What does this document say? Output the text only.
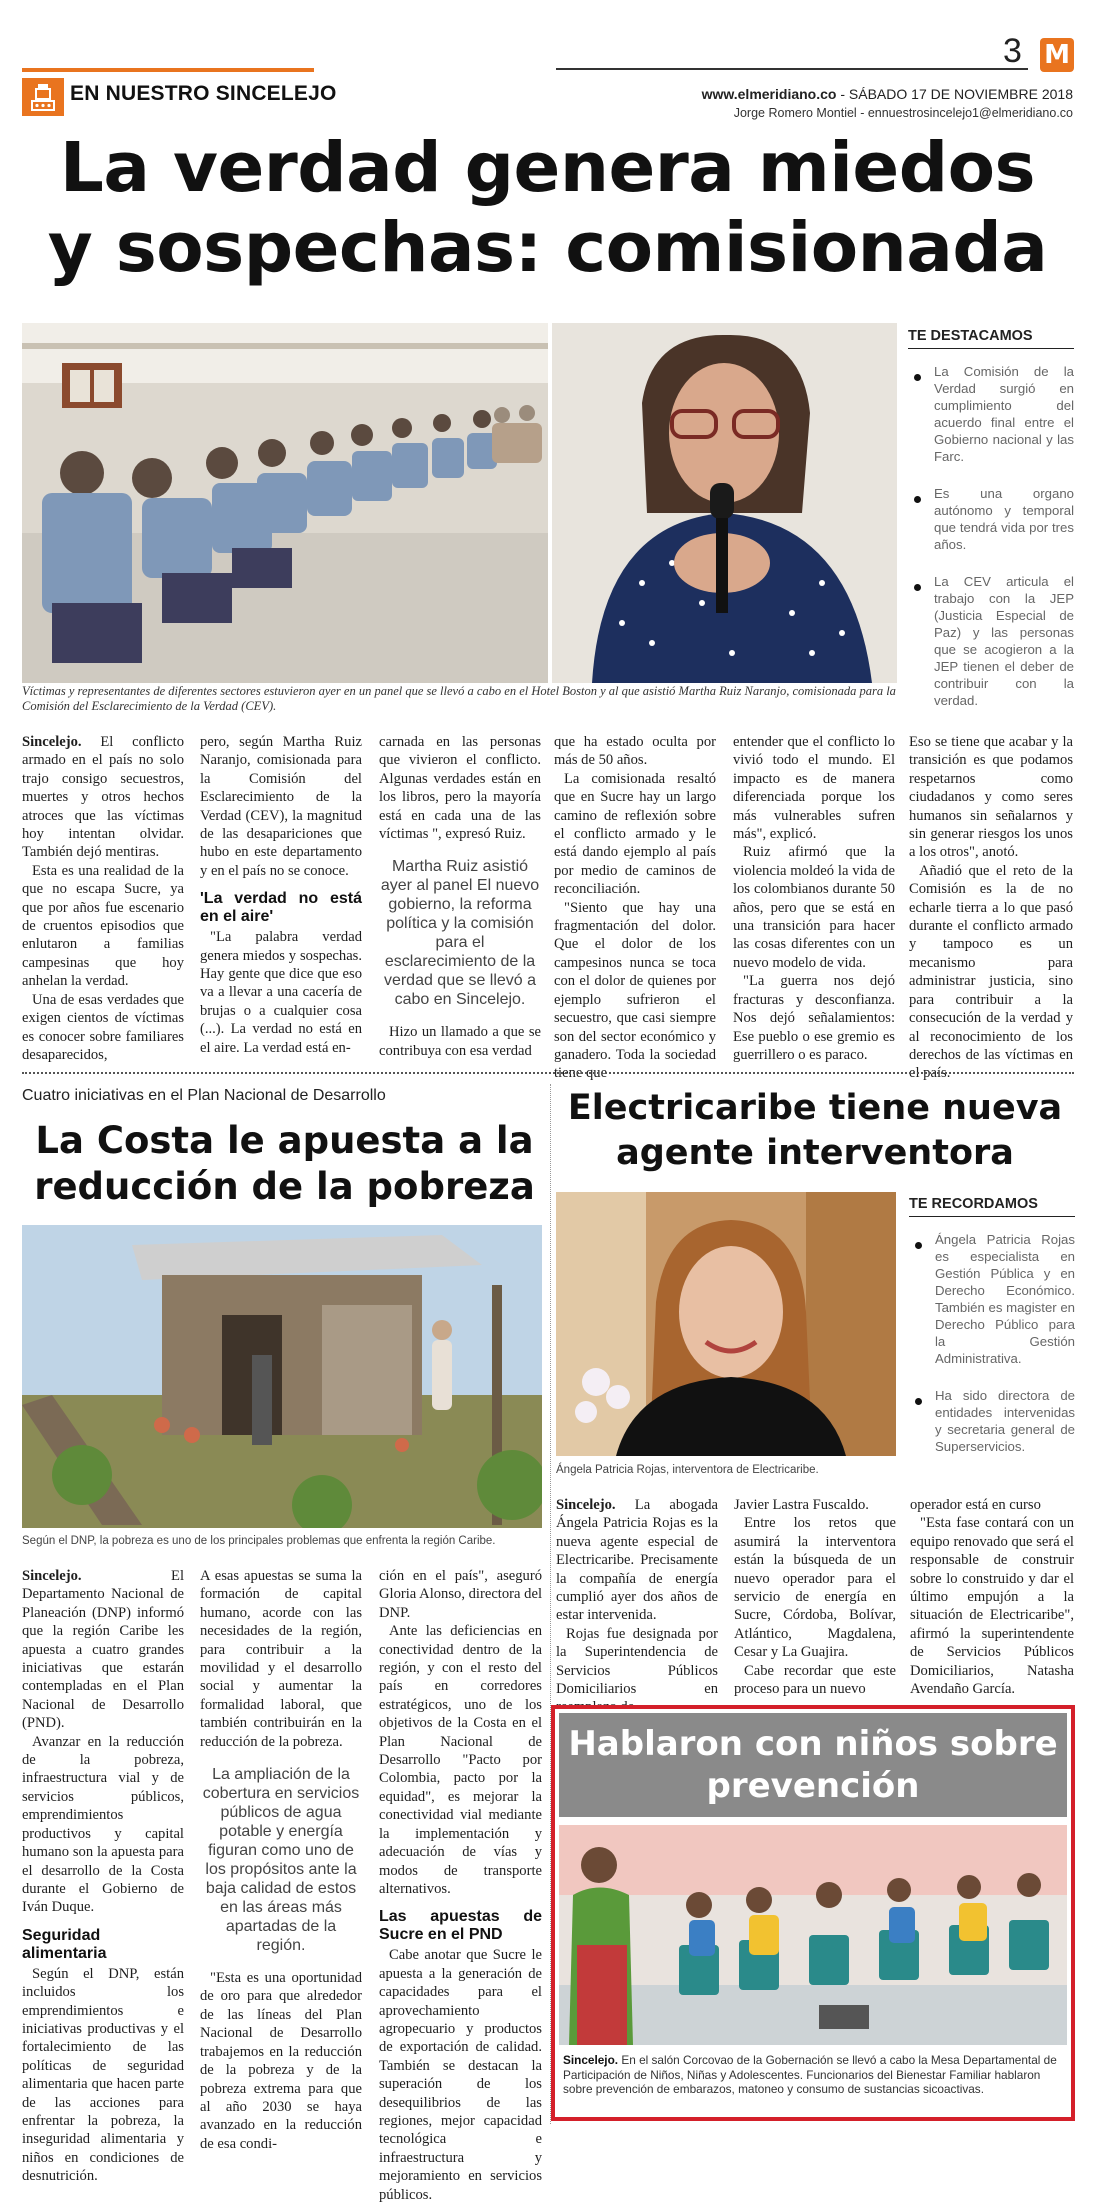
EN NUESTRO SINCELEJO
3 M
www.elmeridiano.co - SÁBADO 17 DE NOVIEMBRE 2018
Jorge Romero Montiel - ennuestrosincelejo1@elmeridiano.co
La verdad genera miedos
y sospechas: comisionada
TE DESTACAMOS
La Comisión de la Verdad surgió en cumplimiento del acuerdo final entre el Gobierno nacional y las Farc.
Es una organo autónomo y temporal que tendrá vida por tres años.
La CEV articula el trabajo con la JEP (Justicia Especial de Paz) y las personas que se acogieron a la JEP tienen el deber de contribuir con la verdad.
Víctimas y representantes de diferentes sectores estuvieron ayer en un panel que se llevó a cabo en el Hotel Boston y al que asistió Martha Ruiz Naranjo, comisionada para la Comisión del Esclarecimiento de la Verdad (CEV).

Sincelejo. El conflicto armado en el país no solo trajo consigo secuestros, muertes y otros hechos atroces que las víctimas hoy intentan olvidar. También dejó mentiras.

Esta es una realidad de la que no escapa Sucre, ya que por años fue escenario de cruentos episodios que enlutaron a familias campesinas que hoy anhelan la verdad.

Una de esas verdades que exigen cientos de víctimas es conocer sobre familiares desaparecidos,

pero, según Martha Ruiz Naranjo, comisionada para la Comisión del Esclarecimiento de la Verdad (CEV), la magnitud de las desapariciones que hubo en este departamento y en el país no se conoce.

'La verdad no está en el aire'

"La palabra verdad genera miedos y sospechas. Hay gente que dice que eso va a llevar a una cacería de brujas o a cualquier cosa (...). La verdad no está en el aire. La verdad está en-

carnada en las personas que vivieron el conflicto. Algunas verdades están en los libros, pero la mayoría está en cada una de las víctimas ", expresó Ruiz.

Martha Ruiz asistió ayer al panel El nuevo gobierno, la reforma política y la comisión para el esclarecimiento de la verdad que se llevó a cabo en Sincelejo.

Hizo un llamado a que se contribuya con esa verdad

que ha estado oculta por más de 50 años.

La comisionada resaltó que en Sucre hay un largo camino de reflexión sobre el conflicto armado y le está dando ejemplo al país por medio de caminos de reconciliación.

"Siento que hay una fragmentación del dolor. Que el dolor de los campesinos nunca se toca con el dolor de quienes por ejemplo sufrieron el secuestro, que casi siempre son del sector económico y ganadero. Toda la sociedad tiene que

entender que el conflicto lo vivió todo el mundo. El impacto es de manera diferenciada porque los más vulnerables sufren más", explicó.

Ruiz afirmó que la violencia moldeó la vida de los colombianos durante 50 años, pero que se está en una transición para hacer las cosas diferentes con un nuevo modelo de vida.

"La guerra nos dejó fracturas y desconfianza. Nos dejó señalamientos: Ese pueblo o ese gremio es guerrillero o es paraco.

Eso se tiene que acabar y la transición es que podamos respetarnos como ciudadanos y como seres humanos sin señalarnos y sin generar riesgos los unos a los otros", anotó.

Añadió que el reto de la Comisión es la de no echarle tierra a lo que pasó durante el conflicto armado y tampoco es un mecanismo para administrar justicia, sino para contribuir a la consecución de la verdad y al reconocimiento de los derechos de las víctimas en el país.

Cuatro iniciativas en el Plan Nacional de Desarrollo
La Costa le apuesta a la reducción de la pobreza
Según el DNP, la pobreza es uno de los principales problemas que enfrenta la región Caribe.

Sincelejo. El Departamento Nacional de Planeación (DNP) informó que la región Caribe les apuesta a cuatro grandes iniciativas que estarán contempladas en el Plan Nacional de Desarrollo (PND).

Avanzar en la reducción de la pobreza, infraestructura vial y de servicios públicos, emprendimientos productivos y capital humano son la apuesta para el desarrollo de la Costa durante el Gobierno de Iván Duque.

Seguridad alimentaria

Según el DNP, están incluidos los emprendimientos e iniciativas productivas y el fortalecimiento de las políticas de seguridad alimentaria que hacen parte de las acciones para enfrentar la pobreza, la inseguridad alimentaria y niños en condiciones de desnutrición.

A esas apuestas se suma la formación de capital humano, acorde con las necesidades de la región, para contribuir a la movilidad y el desarrollo social y aumentar la formalidad laboral, que también contribuirán en la reducción de la pobreza.

La ampliación de la cobertura en servicios públicos de agua potable y energía figuran como uno de los propósitos ante la baja calidad de estos en las áreas más apartadas de la región.

"Esta es una oportunidad de oro para que alrededor de las líneas del Plan Nacional de Desarrollo trabajemos en la reducción de la pobreza y de la pobreza extrema para que al año 2030 se haya avanzado en la reducción de esa condi-

ción en el país", aseguró Gloria Alonso, directora del DNP.

Ante las deficiencias en conectividad dentro de la región, y con el resto del país en corredores estratégicos, uno de los objetivos de la Costa en el Plan Nacional de Desarrollo "Pacto por Colombia, pacto por la equidad", es mejorar la conectividad vial mediante la implementación y adecuación de vías y modos de transporte alternativos.

Las apuestas de Sucre en el PND

Cabe anotar que Sucre le apuesta a la generación de capacidades para el aprovechamiento agropecuario y productos de exportación de calidad. También se destacan la superación de los desequilibrios de las regiones, mejor capacidad tecnológica e infraestructura y mejoramiento en servicios públicos.

Electricaribe tiene nueva agente interventora
Ángela Patricia Rojas, interventora de Electricaribe.
TE RECORDAMOS
Ángela Patricia Rojas es especialista en Gestión Pública y en Derecho Económico. También es magister en Derecho Público para la Gestión Administrativa.
Ha sido directora de entidades intervenidas y secretaria general de Superservicios.

Sincelejo. La abogada Ángela Patricia Rojas es la nueva agente especial de Electricaribe. Precisamente la compañía de energía cumplió ayer dos años de estar intervenida.

Rojas fue designada por la Superintendencia de Servicios Públicos Domiciliarios en

Javier Lastra Fuscaldo.

Entre los retos que asumirá la interventora están la búsqueda de un nuevo operador para el servicio de energía en Sucre, Córdoba, Bolívar, Atlántico, Magdalena, Cesar y La Guajira.

Cabe recordar que este proceso para un nuevo

operador está en curso

"Esta fase contará con un equipo renovado que será el responsable de construir sobre lo construido y dar el último empujón a la situación de Electricaribe", afirmó la superintendente de Servicios Públicos Domiciliarios, Natasha Avendaño García.

Hablaron con niños sobre prevención
Sincelejo. En el salón Corcovao de la Gobernación se llevó a cabo la Mesa Departamental de Participación de Niños, Niñas y Adolescentes. Funcionarios del Bienestar Familiar hablaron sobre prevención de embarazos, matoneo y consumo de sustancias sicoactivas.
